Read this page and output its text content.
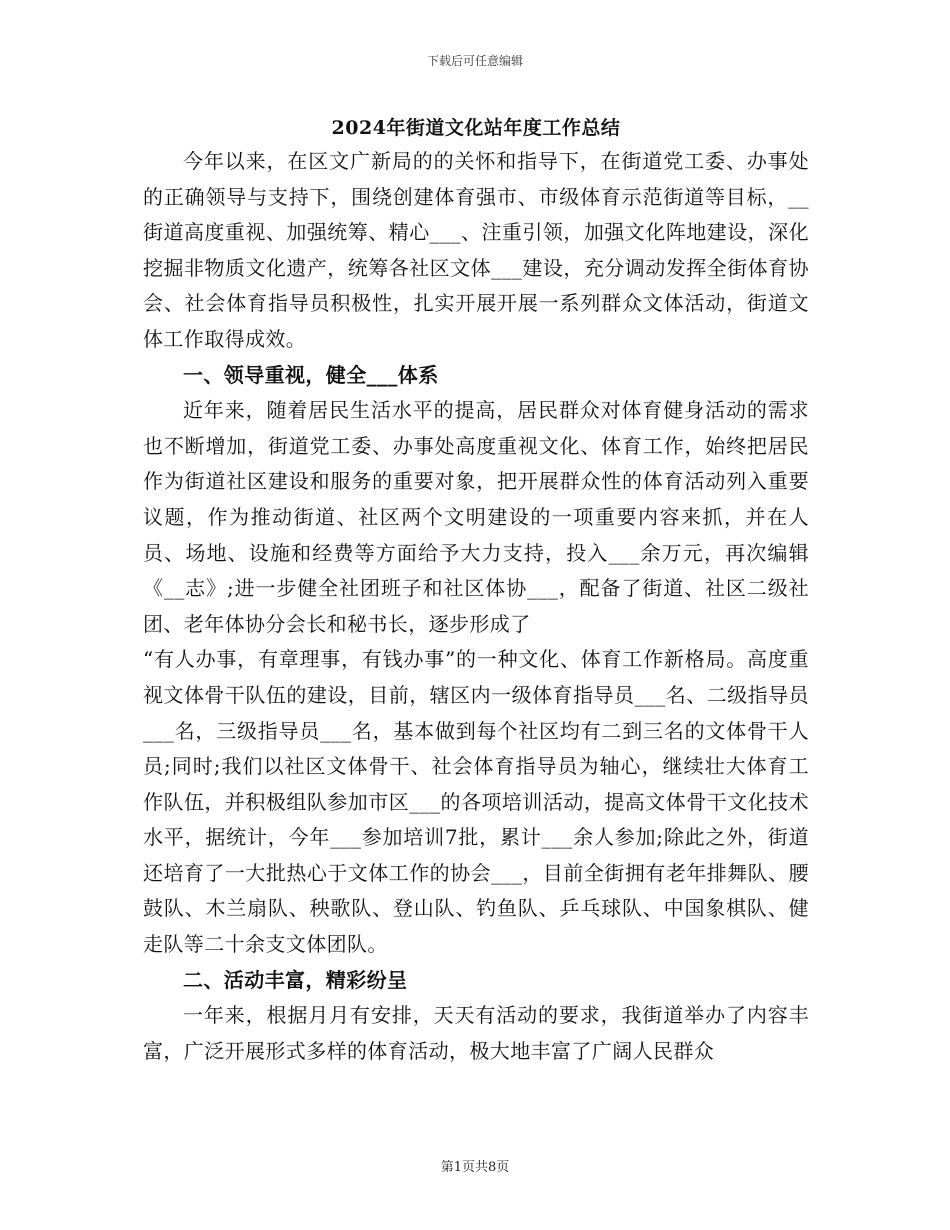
下载后可任意编辑
2024年街道文化站年度工作总结

今年以来，在区文广新局的的关怀和指导下，在街道党工委、办事处的正确领导与支持下，围绕创建体育强市、市级体育示范街道等目标，__街道高度重视、加强统筹、精心___、注重引领，加强文化阵地建设，深化挖掘非物质文化遗产，统筹各社区文体___建设，充分调动发挥全街体育协会、社会体育指导员积极性，扎实开展开展一系列群众文体活动，街道文体工作取得成效。

一、领导重视，健全___体系

近年来，随着居民生活水平的提高，居民群众对体育健身活动的需求也不断增加，街道党工委、办事处高度重视文化、体育工作，始终把居民作为街道社区建设和服务的重要对象，把开展群众性的体育活动列入重要议题，作为推动街道、社区两个文明建设的一项重要内容来抓，并在人员、场地、设施和经费等方面给予大力支持，投入___余万元，再次编辑《__志》;进一步健全社团班子和社区体协___，配备了街道、社区二级社团、老年体协分会长和秘书长，逐步形成了

“有人办事，有章理事，有钱办事”的一种文化、体育工作新格局。高度重视文体骨干队伍的建设，目前，辖区内一级体育指导员___名、二级指导员___名，三级指导员___名，基本做到每个社区均有二到三名的文体骨干人员;同时;我们以社区文体骨干、社会体育指导员为轴心，继续壮大体育工作队伍，并积极组队参加市区___的各项培训活动，提高文体骨干文化技术水平，据统计，今年___参加培训7批，累计___余人参加;除此之外，街道还培育了一大批热心于文体工作的协会___，目前全街拥有老年排舞队、腰鼓队、木兰扇队、秧歌队、登山队、钓鱼队、乒乓球队、中国象棋队、健走队等二十余支文体团队。

二、活动丰富，精彩纷呈

一年来，根据月月有安排，天天有活动的要求，我街道举办了内容丰富，广泛开展形式多样的体育活动，极大地丰富了广阔人民群众

第1页共8页
